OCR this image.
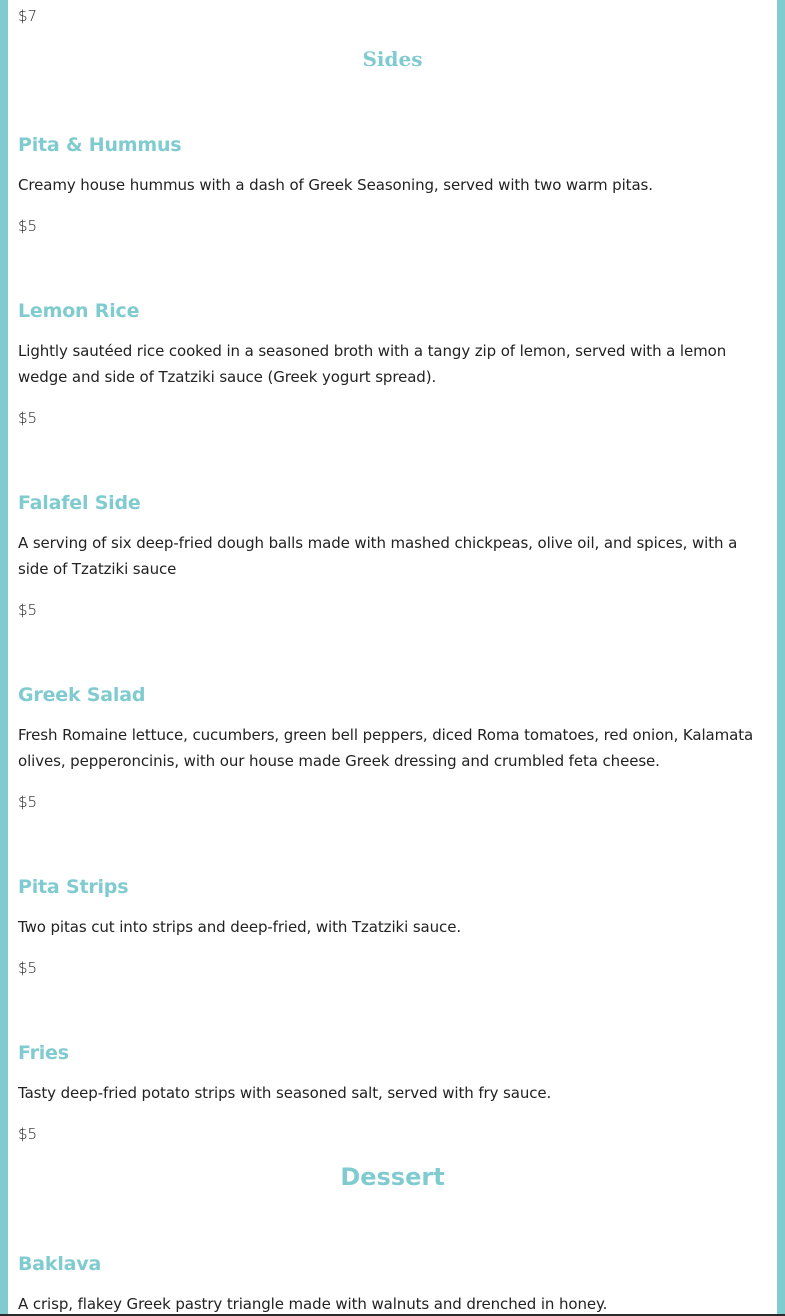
$7

Sides
Pita & Hummus

Creamy house hummus with a dash of Greek Seasoning, served with two warm pitas.

$5

Lemon Rice

Lightly sautéed rice cooked in a seasoned broth with a tangy zip of lemon, served with a lemon wedge and side of Tzatziki sauce (Greek yogurt spread).

$5

Falafel Side

A serving of six deep-fried dough balls made with mashed chickpeas, olive oil, and spices, with a side of Tzatziki sauce

$5

Greek Salad

Fresh Romaine lettuce, cucumbers, green bell peppers, diced Roma tomatoes, red onion, Kalamata olives, pepperoncinis, with our house made Greek dressing and crumbled feta cheese.

$5

Pita Strips

Two pitas cut into strips and deep-fried, with Tzatziki sauce.

$5

Fries

Tasty deep-fried potato strips with seasoned salt, served with fry sauce.

$5

Dessert
Baklava

A crisp, flakey Greek pastry triangle made with walnuts and drenched in honey.
